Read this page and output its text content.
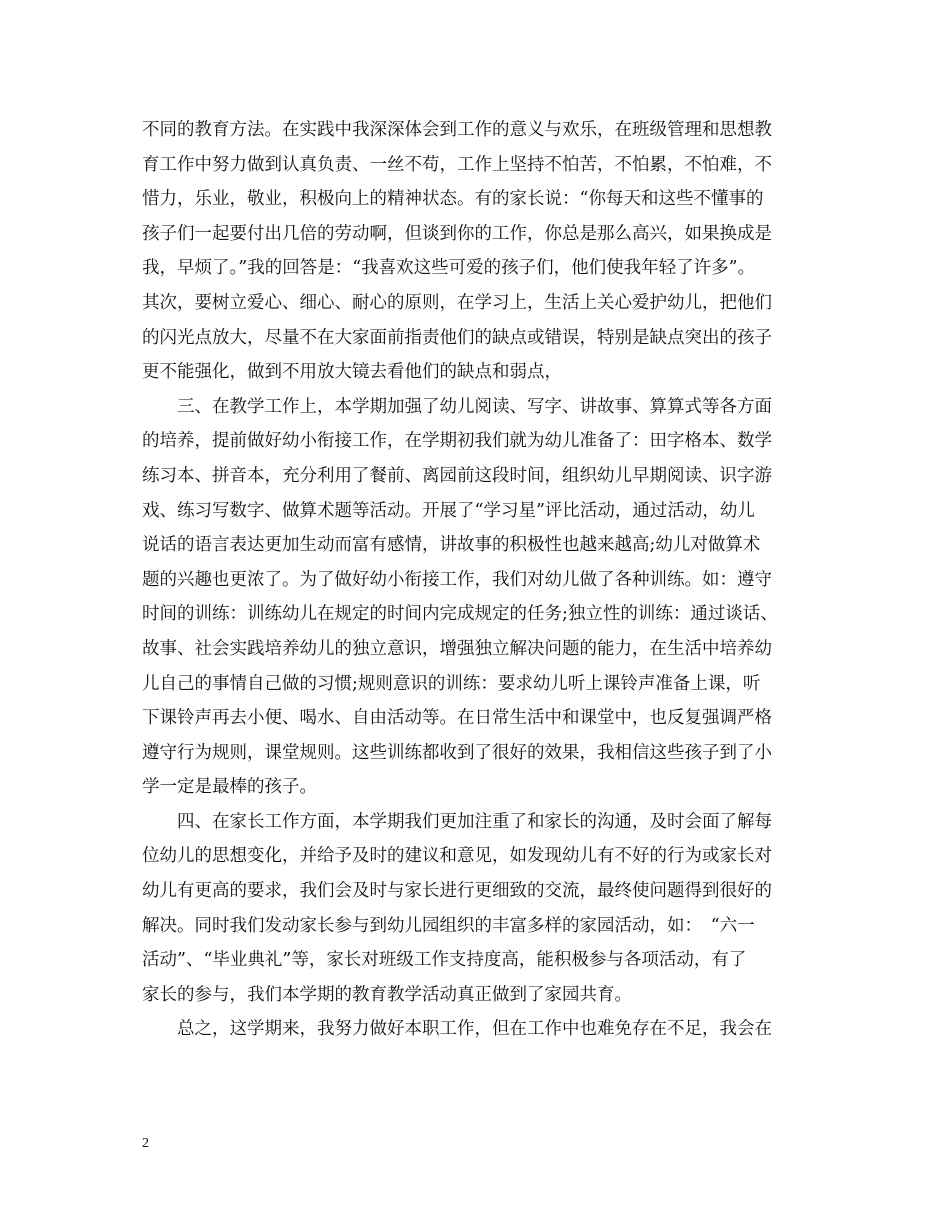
不同的教育方法。在实践中我深深体会到工作的意义与欢乐，在班级管理和思想教
育工作中努力做到认真负责、一丝不苟，工作上坚持不怕苦，不怕累，不怕难，不
惜力，乐业，敬业，积极向上的精神状态。有的家长说：“你每天和这些不懂事的
孩子们一起要付出几倍的劳动啊，但谈到你的工作，你总是那么高兴，如果换成是
我，早烦了。”我的回答是：“我喜欢这些可爱的孩子们，他们使我年轻了许多”。
其次，要树立爱心、细心、耐心的原则，在学习上，生活上关心爱护幼儿，把他们
的闪光点放大，尽量不在大家面前指责他们的缺点或错误，特别是缺点突出的孩子
更不能强化，做到不用放大镜去看他们的缺点和弱点，
三、在教学工作上，本学期加强了幼儿阅读、写字、讲故事、算算式等各方面
的培养，提前做好幼小衔接工作，在学期初我们就为幼儿准备了：田字格本、数学
练习本、拼音本，充分利用了餐前、离园前这段时间，组织幼儿早期阅读、识字游
戏、练习写数字、做算术题等活动。开展了“学习星”评比活动，通过活动，幼儿
说话的语言表达更加生动而富有感情，讲故事的积极性也越来越高;幼儿对做算术
题的兴趣也更浓了。为了做好幼小衔接工作，我们对幼儿做了各种训练。如：遵守
时间的训练：训练幼儿在规定的时间内完成规定的任务;独立性的训练：通过谈话、
故事、社会实践培养幼儿的独立意识，增强独立解决问题的能力，在生活中培养幼
儿自己的事情自己做的习惯;规则意识的训练：要求幼儿听上课铃声准备上课，听
下课铃声再去小便、喝水、自由活动等。在日常生活中和课堂中，也反复强调严格
遵守行为规则，课堂规则。这些训练都收到了很好的效果，我相信这些孩子到了小
学一定是最棒的孩子。
四、在家长工作方面，本学期我们更加注重了和家长的沟通，及时会面了解每
位幼儿的思想变化，并给予及时的建议和意见，如发现幼儿有不好的行为或家长对
幼儿有更高的要求，我们会及时与家长进行更细致的交流，最终使问题得到很好的
解决。同时我们发动家长参与到幼儿园组织的丰富多样的家园活动，如：　“六一
活动”、“毕业典礼”等，家长对班级工作支持度高，能积极参与各项活动，有了
家长的参与，我们本学期的教育教学活动真正做到了家园共育。
总之，这学期来，我努力做好本职工作，但在工作中也难免存在不足，我会在
2
